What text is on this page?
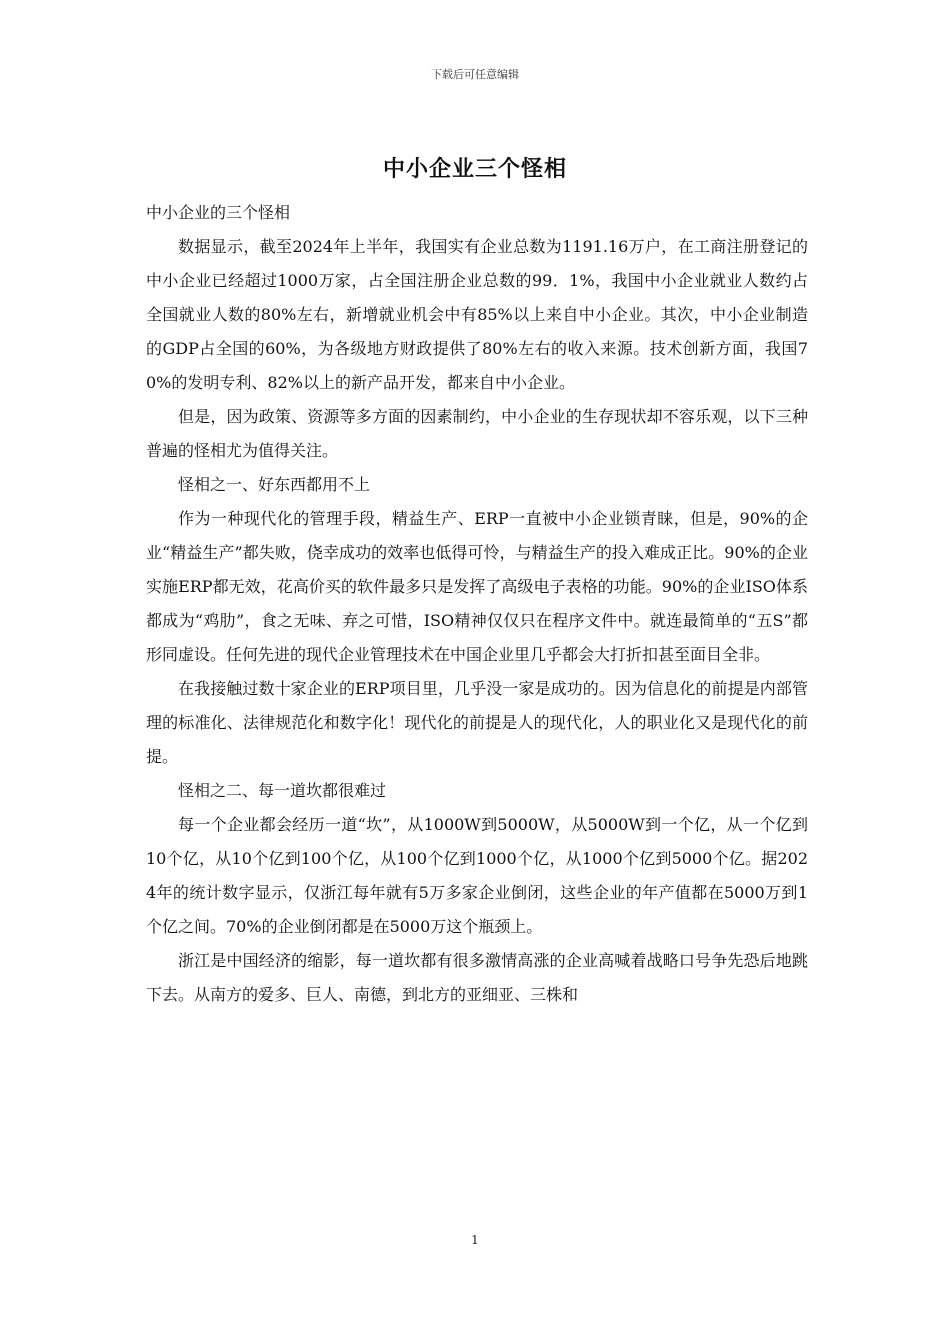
下载后可任意编辑
中小企业三个怪相

中小企业的三个怪相

数据显示，截至2024年上半年，我国实有企业总数为1191.16万户，在工商注册登记的中小企业已经超过1000万家，占全国注册企业总数的99．1%，我国中小企业就业人数约占全国就业人数的80%左右，新增就业机会中有85%以上来自中小企业。其次，中小企业制造的GDP占全国的60%，为各级地方财政提供了80%左右的收入来源。技术创新方面，我国70%的发明专利、82%以上的新产品开发，都来自中小企业。

但是，因为政策、资源等多方面的因素制约，中小企业的生存现状却不容乐观，以下三种普遍的怪相尤为值得关注。

怪相之一、好东西都用不上

作为一种现代化的管理手段，精益生产、ERP一直被中小企业锁青睐，但是，90%的企业“精益生产”都失败，侥幸成功的效率也低得可怜，与精益生产的投入难成正比。90%的企业实施ERP都无效，花高价买的软件最多只是发挥了高级电子表格的功能。90%的企业ISO体系都成为“鸡肋”，食之无味、弃之可惜，ISO精神仅仅只在程序文件中。就连最简单的“五S”都形同虚设。任何先进的现代企业管理技术在中国企业里几乎都会大打折扣甚至面目全非。

在我接触过数十家企业的ERP项目里，几乎没一家是成功的。因为信息化的前提是内部管理的标准化、法律规范化和数字化！现代化的前提是人的现代化，人的职业化又是现代化的前提。

怪相之二、每一道坎都很难过

每一个企业都会经历一道“坎”，从1000W到5000W，从5000W到一个亿，从一个亿到10个亿，从10个亿到100个亿，从100个亿到1000个亿，从1000个亿到5000个亿。据2024年的统计数字显示，仅浙江每年就有5万多家企业倒闭，这些企业的年产值都在5000万到1个亿之间。70%的企业倒闭都是在5000万这个瓶颈上。

浙江是中国经济的缩影，每一道坎都有很多激情高涨的企业高喊着战略口号争先恐后地跳下去。从南方的爱多、巨人、南德，到北方的亚细亚、三株和

1
